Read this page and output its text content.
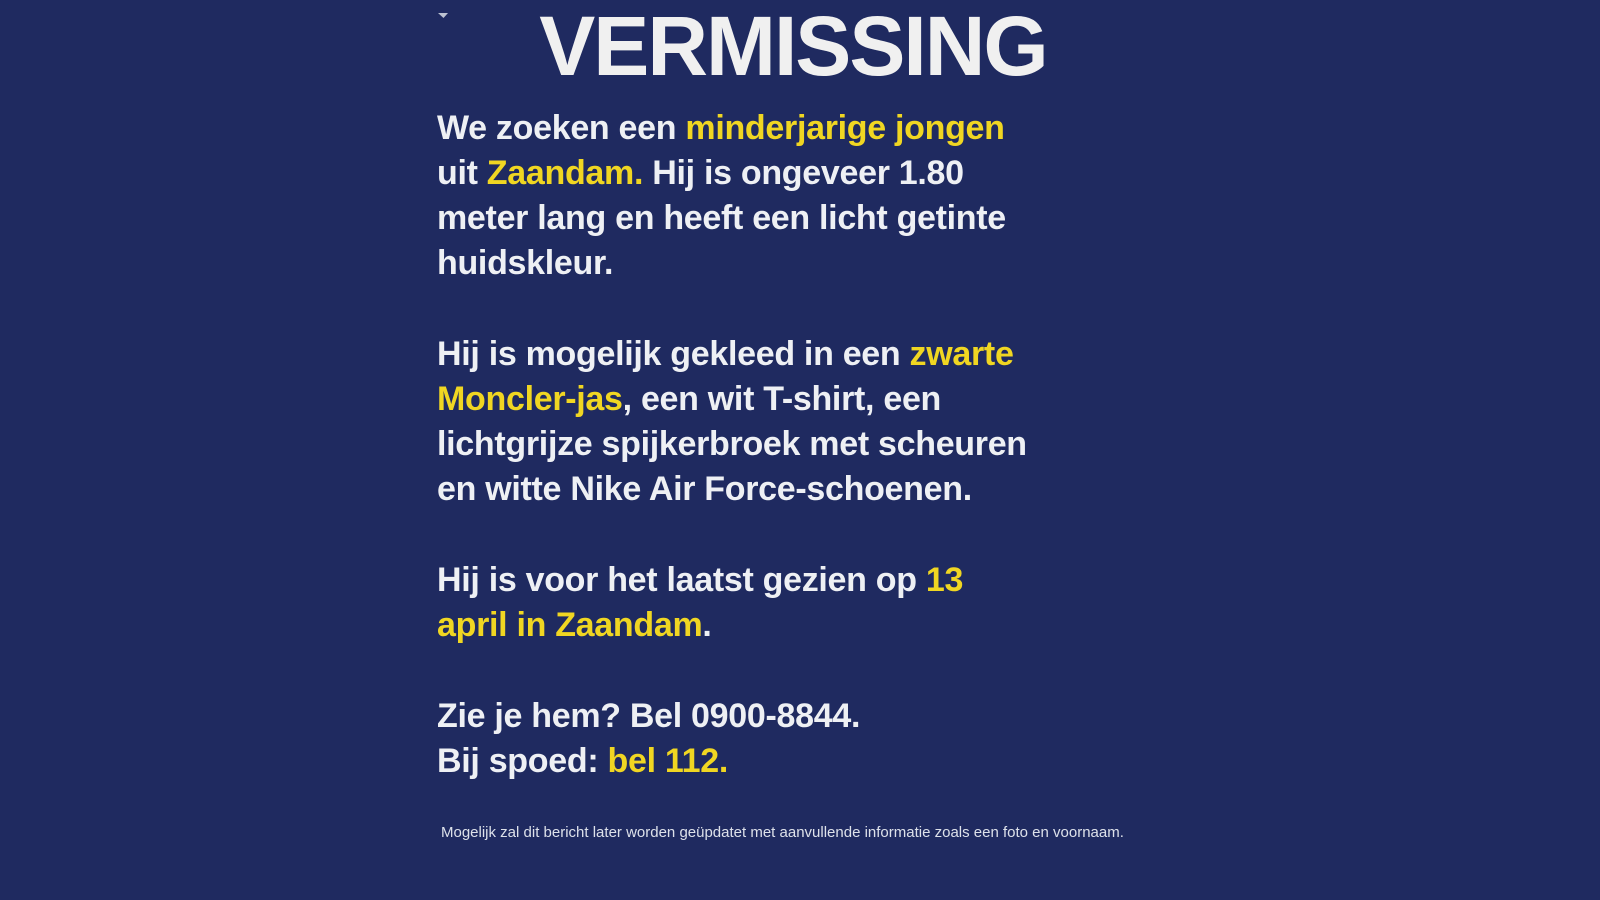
VERMISSING
We zoeken een minderjarige jongen
uit Zaandam. Hij is ongeveer 1.80
meter lang en heeft een licht getinte
huidskleur.
Hij is mogelijk gekleed in een zwarte
Moncler-jas, een wit T-shirt, een
lichtgrijze spijkerbroek met scheuren
en witte Nike Air Force-schoenen.
Hij is voor het laatst gezien op 13
april in Zaandam.
Zie je hem? Bel 0900-8844.
Bij spoed: bel 112.
Mogelijk zal dit bericht later worden geüpdatet met aanvullende informatie zoals een foto en voornaam.
